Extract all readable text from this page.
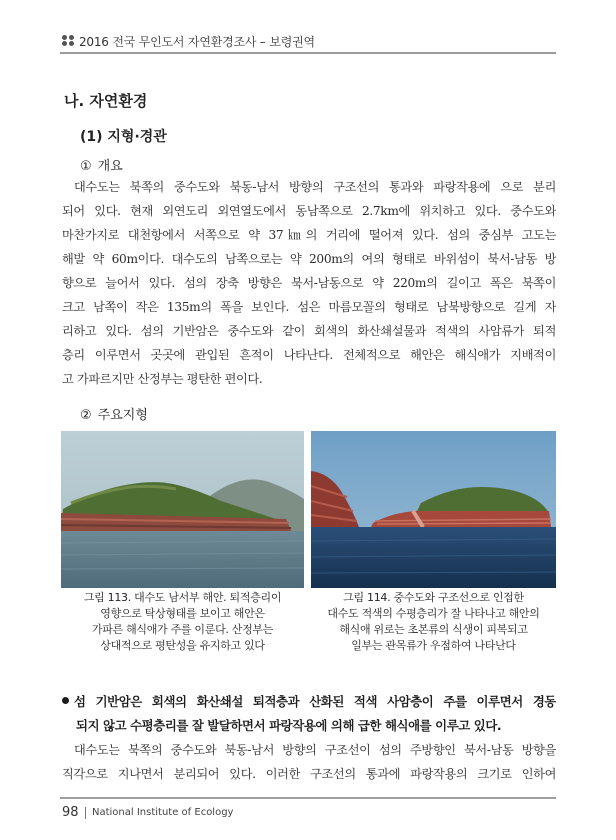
2016 전국 무인도서 자연환경조사 – 보령권역
나. 자연환경
(1) 지형·경관
① 개요
대수도는 북쪽의 중수도와 북동-남서 방향의 구조선의 통과와 파랑작용에 으로 분리
되어 있다. 현재 외연도리 외연열도에서 동남쪽으로 2.7km에 위치하고 있다. 중수도와
마찬가지로 대천항에서 서쪽으로 약 37㎞의 거리에 떨어져 있다. 섬의 중심부 고도는
해발 약 60m이다. 대수도의 남쪽으로는 약 200m의 여의 형태로 바위섬이 북서-남동 방
향으로 늘어서 있다. 섬의 장축 방향은 북서-남동으로 약 220m의 길이고 폭은 북쪽이
크고 남쪽이 작은 135m의 폭을 보인다. 섬은 마름모꼴의 형태로 남북방향으로 길게 자
리하고 있다. 섬의 기반암은 중수도와 같이 회색의 화산쇄설물과 적색의 사암류가 퇴적
층리 이루면서 곳곳에 관입된 흔적이 나타난다. 전체적으로 해안은 해식애가 지배적이
고 가파르지만 산정부는 평탄한 편이다.
② 주요지형
그림 113. 대수도 남서부 해안. 퇴적층리이
영향으로 탁상형태를 보이고 해안은
가파른 해식애가 주를 이룬다. 산정부는
상대적으로 평탄성을 유지하고 있다
그림 114. 중수도와 구조선으로 인접한
대수도 적색의 수평층리가 잘 나타나고 해안의
해식애 위로는 초본류의 식생이 피복되고
일부는 관목류가 우점하여 나타난다
섬 기반암은 회색의 화산쇄설 퇴적층과 산화된 적색 사암층이 주를 이루면서 경동
되지 않고 수평층리를 잘 발달하면서 파랑작용에 의해 급한 해식애를 이루고 있다.
대수도는 북쪽의 중수도와 북동-남서 방향의 구조선이 섬의 주방향인 북서-남동 방향을
직각으로 지나면서 분리되어 있다. 이러한 구조선의 통과에 파랑작용의 크기로 인하여
98 National Institute of Ecology
